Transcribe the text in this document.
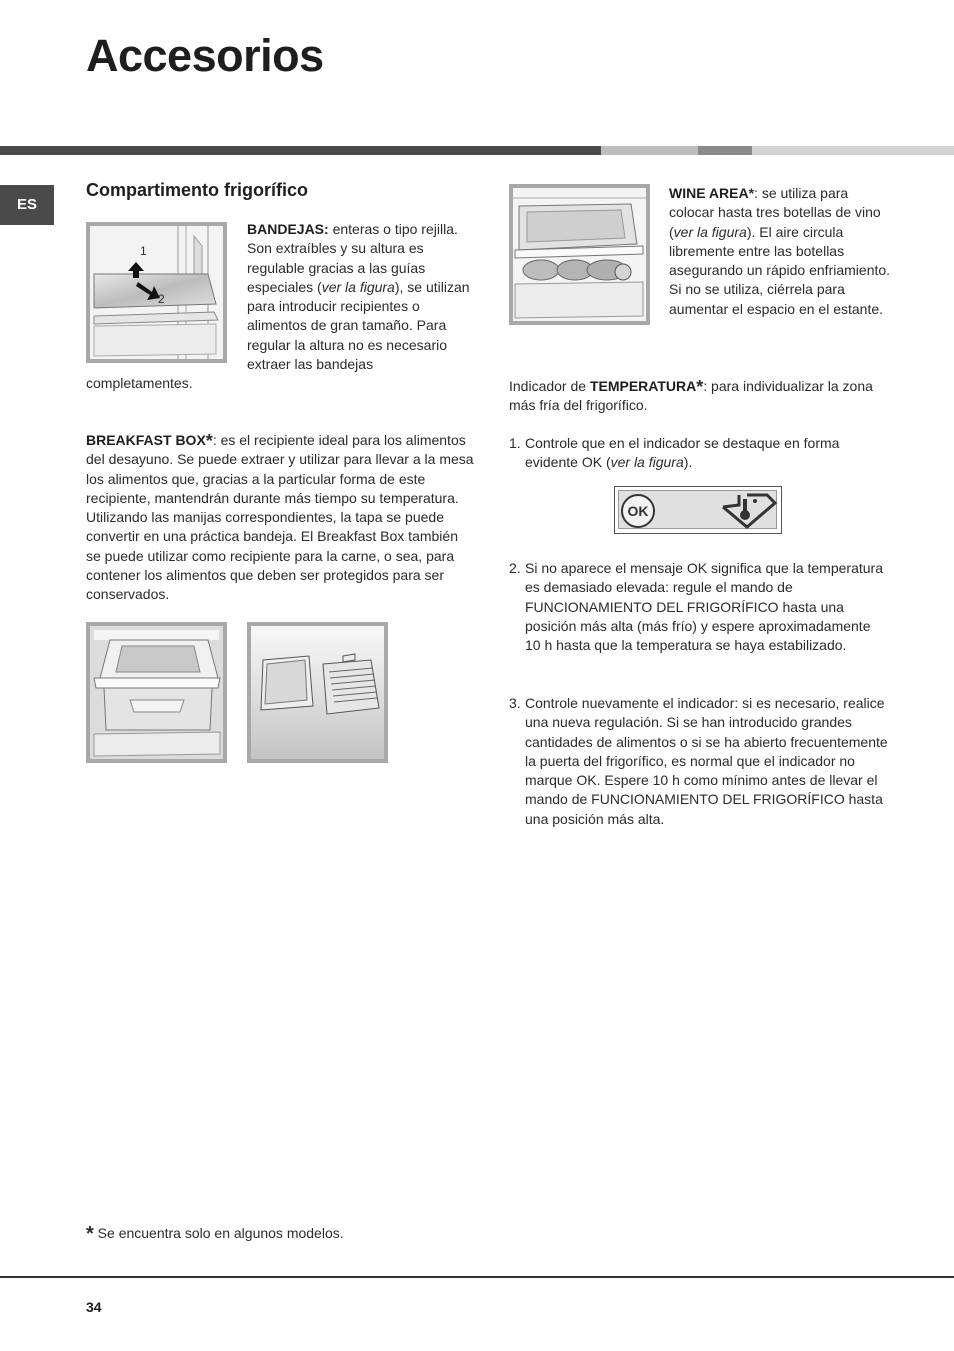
Accesorios
ES
Compartimento frigorífico
1
2

BANDEJAS: enteras o tipo rejilla. Son extraíbles y su altura es regulable gracias a las guías especiales (ver la figura), se utilizan para introducir recipientes o alimentos de gran tamaño. Para regular la altura no es necesario extraer las bandejas

completamentes.

BREAKFAST BOX*: es el recipiente ideal para los alimentos del desayuno. Se puede extraer y utilizar para llevar a la mesa los alimentos que, gracias a la particular forma de este recipiente, mantendrán durante más tiempo su temperatura. Utilizando las manijas correspondientes, la tapa se puede convertir en una práctica bandeja. El Breakfast Box también se puede utilizar como recipiente para la carne, o sea, para contener los alimentos que deben ser protegidos para ser conservados.

WINE AREA*: se utiliza para colocar hasta tres botellas de vino (ver la figura). El aire circula libremente entre las botellas asegurando un rápido enfriamiento. Si no se utiliza, ciérrela para aumentar el espacio en el estante.

Indicador de TEMPERATURA*: para individualizar la zona más fría del frigorífico.

1. Controle que en el indicador se destaque en forma evidente OK (ver la figura).
OK
2. Si no aparece el mensaje OK significa que la temperatura es demasiado elevada: regule el mando de FUNCIONAMIENTO DEL FRIGORÍFICO hasta una posición más alta (más frío) y espere aproximadamente 10 h hasta que la temperatura se haya estabilizado.
3. Controle nuevamente el indicador: si es necesario, realice una nueva regulación. Si se han introducido grandes cantidades de alimentos o si se ha abierto frecuentemente la puerta del frigorífico, es normal que el indicador no marque OK. Espere 10 h como mínimo antes de llevar el mando de FUNCIONAMIENTO DEL FRIGORÍFICO hasta una posición más alta.

* Se encuentra solo en algunos modelos.

34
